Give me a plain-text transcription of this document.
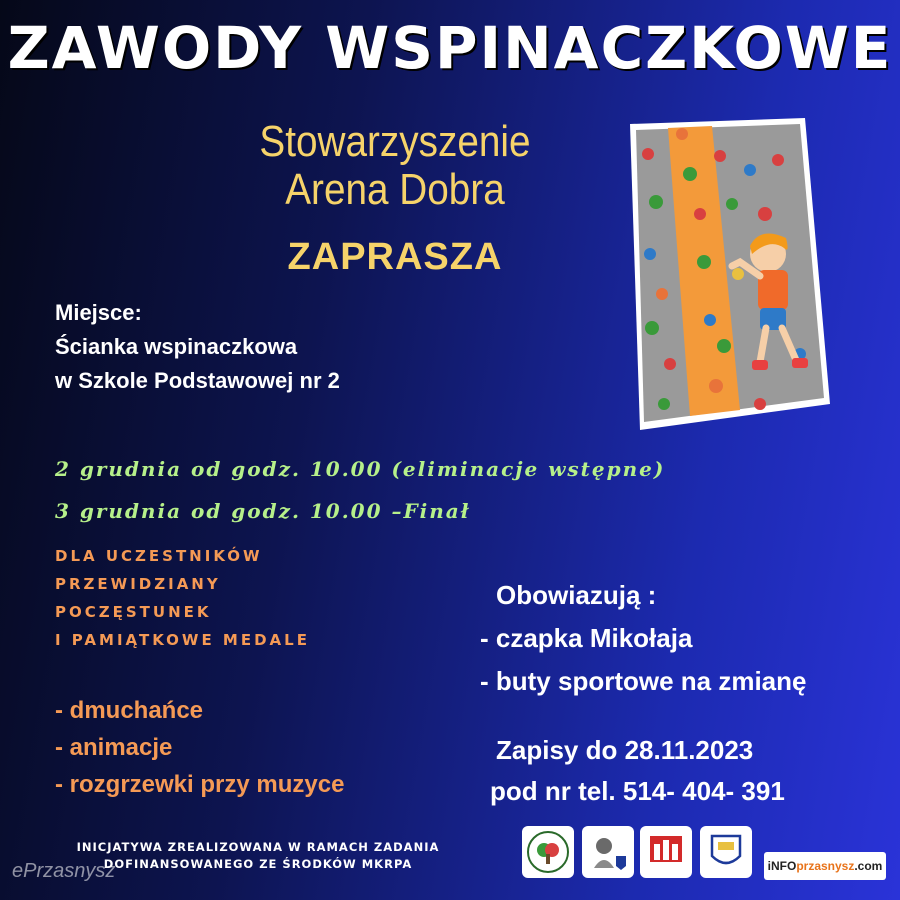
ZAWODY WSPINACZKOWE
Stowarzyszenie
Arena Dobra
ZAPRASZA
Miejsce:
Ścianka wspinaczkowa
w Szkole Podstawowej nr 2
2 grudnia od godz. 10.00 (eliminacje wstępne)
3 grudnia od godz. 10.00 –Finał
DLA UCZESTNIKÓW
PRZEWIDZIANY
POCZĘSTUNEK
I PAMIĄTKOWE MEDALE
- dmuchańce
- animacje
- rozgrzewki przy muzyce
Obowiazują :
- czapka Mikołaja
- buty sportowe na zmianę
Zapisy do 28.11.2023
pod nr tel. 514- 404- 391
INICJATYWA ZREALIZOWANA W RAMACH ZADANIA
DOFINANSOWANEGO ZE ŚRODKÓW MKRPA
ePrzasnysz	iNFO przasnysz .com
